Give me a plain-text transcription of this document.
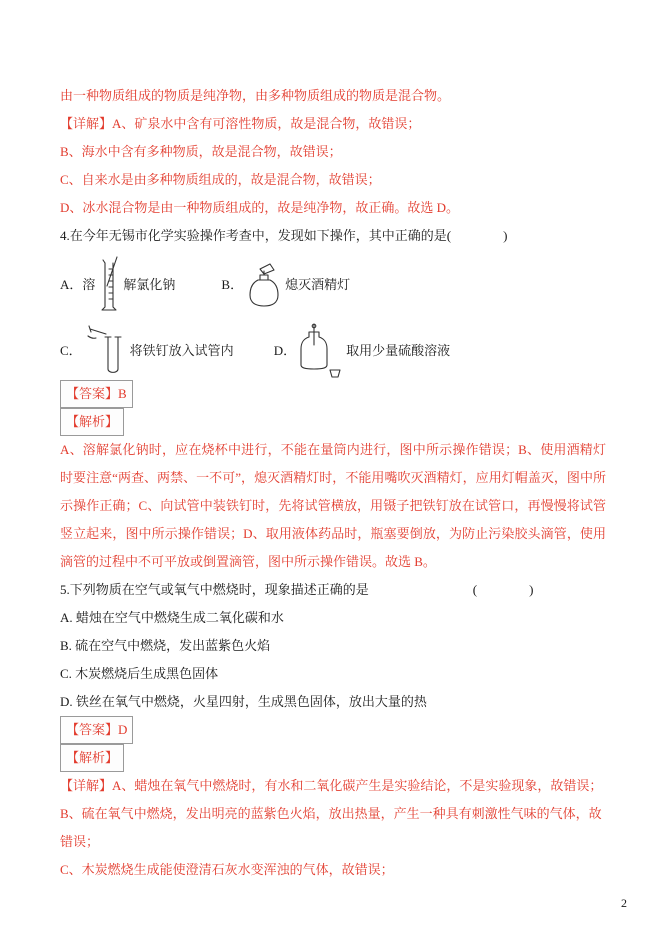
由一种物质组成的物质是纯净物，由多种物质组成的物质是混合物。

【详解】A、矿泉水中含有可溶性物质，故是混合物，故错误；

B、海水中含有多种物质，故是混合物，故错误；

C、自来水是由多种物质组成的，故是混合物，故错误；

D、冰水混合物是由一种物质组成的，故是纯净物，故正确。故选 D。

4.在今年无锡市化学实验操作考查中，发现如下操作，其中正确的是(　　　　)

A．溶 解氯化钠	B．	熄灭酒精灯
C．	将铁钉放入试管内	D．	取用少量硫酸溶液

【答案】B

【解析】

A、溶解氯化钠时，应在烧杯中进行，不能在量筒内进行，图中所示操作错误；B、使用酒精灯时要注意“两查、两禁、一不可”，熄灭酒精灯时，不能用嘴吹灭酒精灯，应用灯帽盖灭，图中所示操作正确；C、向试管中装铁钉时，先将试管横放，用镊子把铁钉放在试管口，再慢慢将试管竖立起来，图中所示操作错误；D、取用液体药品时，瓶塞要倒放，为防止污染胶头滴管，使用滴管的过程中不可平放或倒置滴管，图中所示操作错误。故选 B。

5.下列物质在空气或氧气中燃烧时，现象描述正确的是　　　　　　　　(　　　　)

A. 蜡烛在空气中燃烧生成二氧化碳和水

B. 硫在空气中燃烧，发出蓝紫色火焰

C. 木炭燃烧后生成黑色固体

D. 铁丝在氧气中燃烧，火星四射，生成黑色固体，放出大量的热

【答案】D

【解析】

【详解】A、蜡烛在氧气中燃烧时，有水和二氧化碳产生是实验结论，不是实验现象，故错误；

B、硫在氧气中燃烧，发出明亮的蓝紫色火焰，放出热量，产生一种具有刺激性气味的气体，故错误；

C、木炭燃烧生成能使澄清石灰水变浑浊的气体，故错误；

2
